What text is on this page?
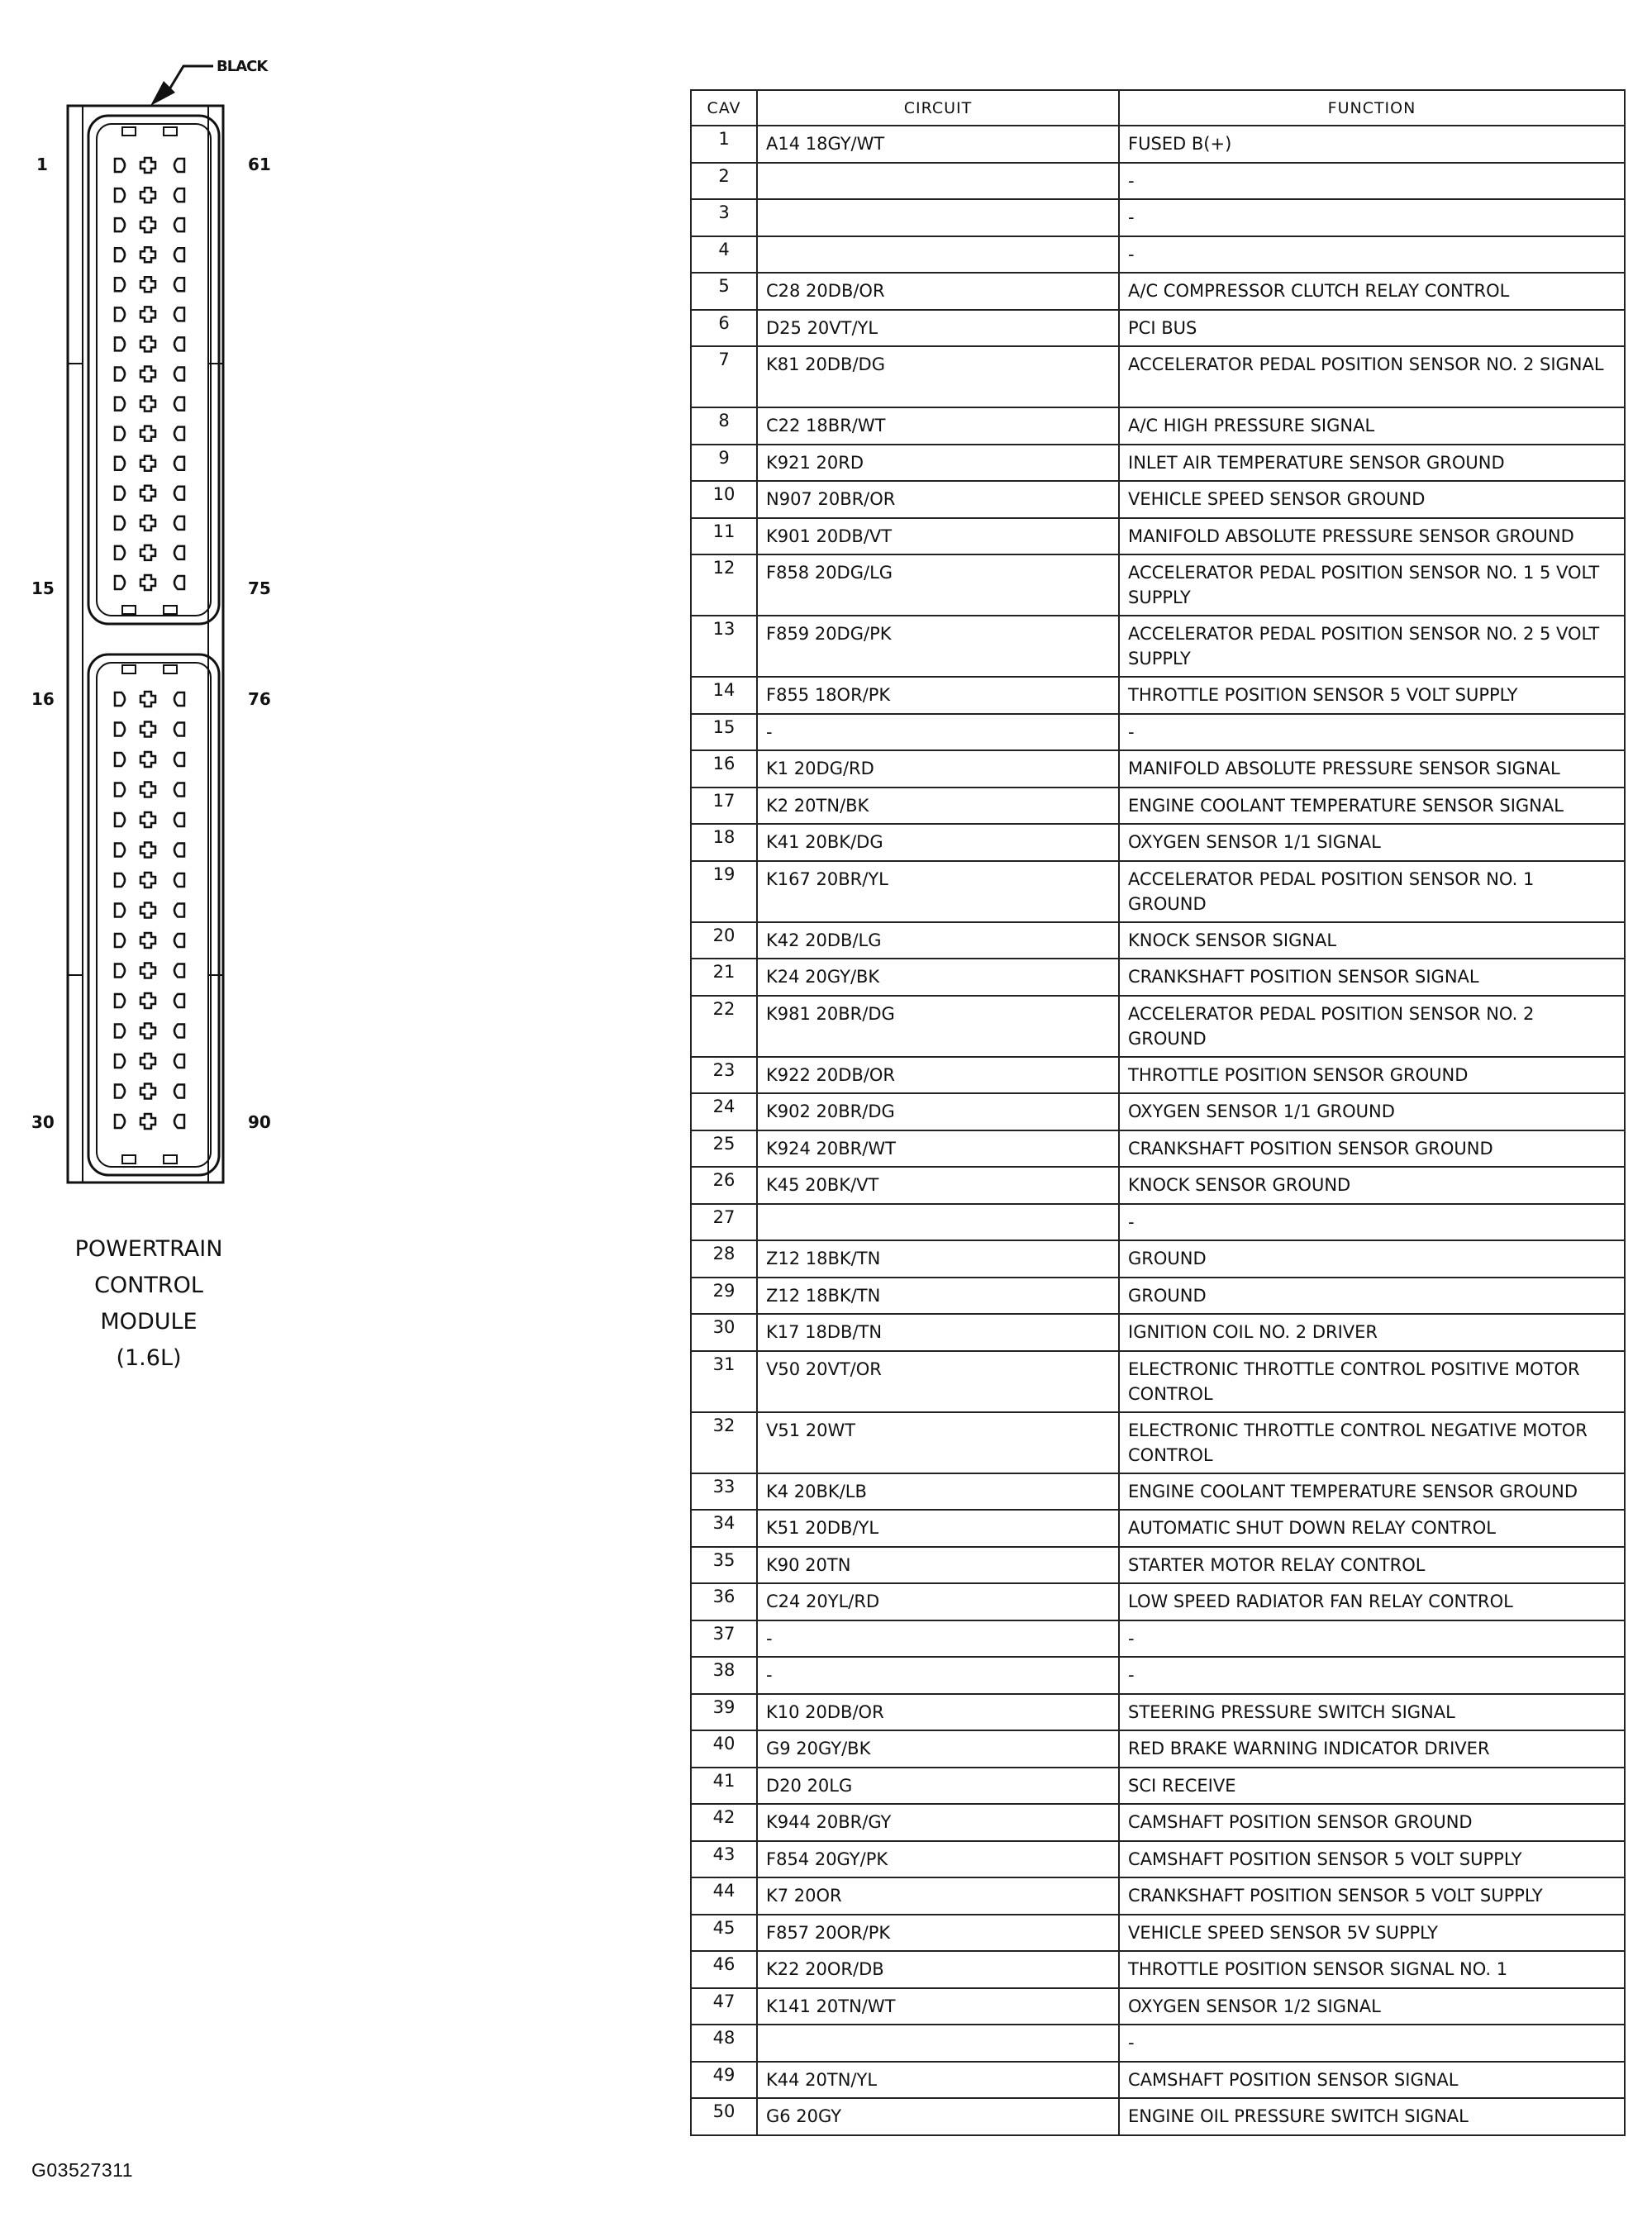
BLACK
1	61
15	75
16	76
30	90
POWERTRAIN
CONTROL
MODULE
(1.6L)
G03527311
CAV	CIRCUIT	FUNCTION
1	A14 18GY/WT	FUSED B(+)
2		-
3		-
4		-
5	C28 20DB/OR	A/C COMPRESSOR CLUTCH RELAY CONTROL
6	D25 20VT/YL	PCI BUS
7	K81 20DB/DG	ACCELERATOR PEDAL POSITION SENSOR NO. 2 SIGNAL
8	C22 18BR/WT	A/C HIGH PRESSURE SIGNAL
9	K921 20RD	INLET AIR TEMPERATURE SENSOR GROUND
10	N907 20BR/OR	VEHICLE SPEED SENSOR GROUND
11	K901 20DB/VT	MANIFOLD ABSOLUTE PRESSURE SENSOR GROUND
12	F858 20DG/LG	ACCELERATOR PEDAL POSITION SENSOR NO. 1 5 VOLT SUPPLY
13	F859 20DG/PK	ACCELERATOR PEDAL POSITION SENSOR NO. 2 5 VOLT SUPPLY
14	F855 18OR/PK	THROTTLE POSITION SENSOR 5 VOLT SUPPLY
15	-	-
16	K1 20DG/RD	MANIFOLD ABSOLUTE PRESSURE SENSOR SIGNAL
17	K2 20TN/BK	ENGINE COOLANT TEMPERATURE SENSOR SIGNAL
18	K41 20BK/DG	OXYGEN SENSOR 1/1 SIGNAL
19	K167 20BR/YL	ACCELERATOR PEDAL POSITION SENSOR NO. 1 GROUND
20	K42 20DB/LG	KNOCK SENSOR SIGNAL
21	K24 20GY/BK	CRANKSHAFT POSITION SENSOR SIGNAL
22	K981 20BR/DG	ACCELERATOR PEDAL POSITION SENSOR NO. 2 GROUND
23	K922 20DB/OR	THROTTLE POSITION SENSOR GROUND
24	K902 20BR/DG	OXYGEN SENSOR 1/1 GROUND
25	K924 20BR/WT	CRANKSHAFT POSITION SENSOR GROUND
26	K45 20BK/VT	KNOCK SENSOR GROUND
27		-
28	Z12 18BK/TN	GROUND
29	Z12 18BK/TN	GROUND
30	K17 18DB/TN	IGNITION COIL NO. 2 DRIVER
31	V50 20VT/OR	ELECTRONIC THROTTLE CONTROL POSITIVE MOTOR CONTROL
32	V51 20WT	ELECTRONIC THROTTLE CONTROL NEGATIVE MOTOR CONTROL
33	K4 20BK/LB	ENGINE COOLANT TEMPERATURE SENSOR GROUND
34	K51 20DB/YL	AUTOMATIC SHUT DOWN RELAY CONTROL
35	K90 20TN	STARTER MOTOR RELAY CONTROL
36	C24 20YL/RD	LOW SPEED RADIATOR FAN RELAY CONTROL
37	-	-
38	-	-
39	K10 20DB/OR	STEERING PRESSURE SWITCH SIGNAL
40	G9 20GY/BK	RED BRAKE WARNING INDICATOR DRIVER
41	D20 20LG	SCI RECEIVE
42	K944 20BR/GY	CAMSHAFT POSITION SENSOR GROUND
43	F854 20GY/PK	CAMSHAFT POSITION SENSOR 5 VOLT SUPPLY
44	K7 20OR	CRANKSHAFT POSITION SENSOR 5 VOLT SUPPLY
45	F857 20OR/PK	VEHICLE SPEED SENSOR 5V SUPPLY
46	K22 20OR/DB	THROTTLE POSITION SENSOR SIGNAL NO. 1
47	K141 20TN/WT	OXYGEN SENSOR 1/2 SIGNAL
48		-
49	K44 20TN/YL	CAMSHAFT POSITION SENSOR SIGNAL
50	G6 20GY	ENGINE OIL PRESSURE SWITCH SIGNAL
